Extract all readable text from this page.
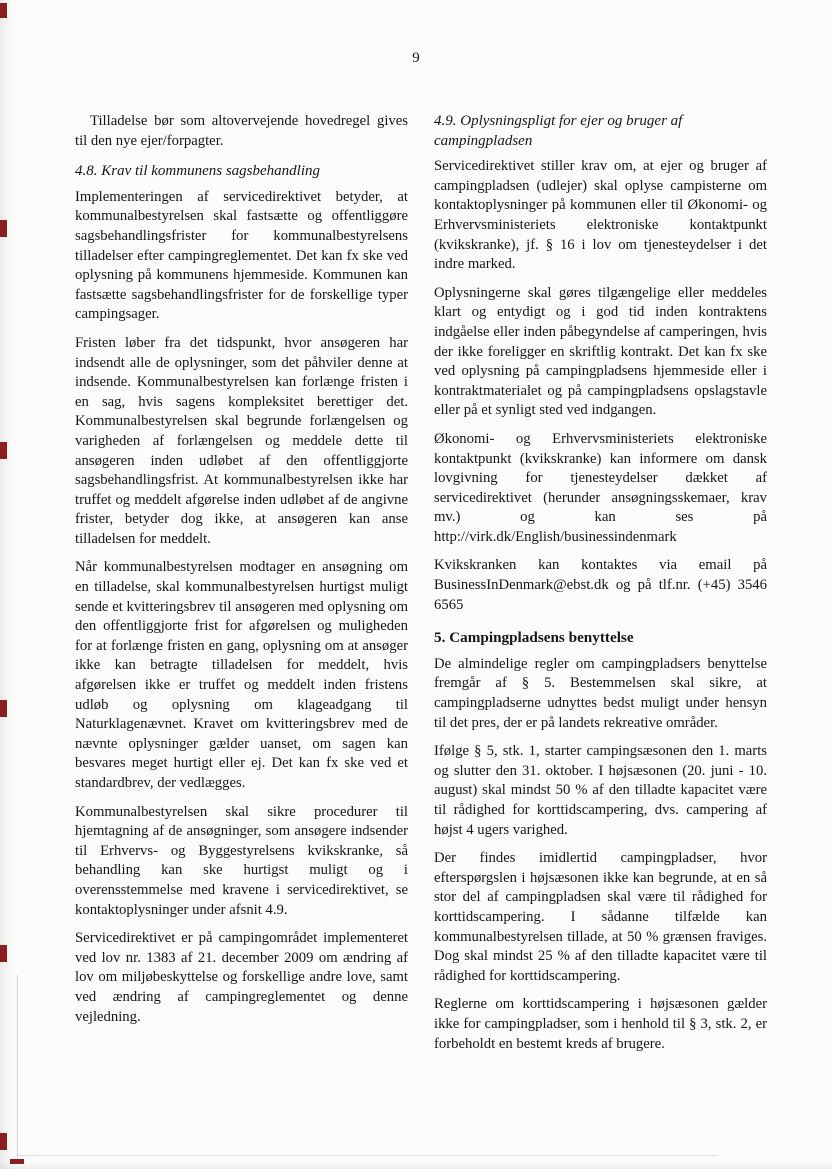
9

Tilladelse bør som altovervejende hovedregel gives til den nye ejer/forpagter.

4.8. Krav til kommunens sagsbehandling

Implementeringen af servicedirektivet betyder, at kommunalbestyrelsen skal fastsætte og offentliggøre sagsbehandlingsfrister for kommunalbestyrelsens tilladelser efter campingreglementet. Det kan fx ske ved oplysning på kommunens hjemmeside. Kommunen kan fastsætte sagsbehandlingsfrister for de forskellige typer campingsager.

Fristen løber fra det tidspunkt, hvor ansøgeren har indsendt alle de oplysninger, som det påhviler denne at indsende. Kommunalbestyrelsen kan forlænge fristen i en sag, hvis sagens kompleksitet berettiger det. Kommunalbestyrelsen skal begrunde forlængelsen og varigheden af forlængelsen og meddele dette til ansøgeren inden udløbet af den offentliggjorte sagsbehandlingsfrist. At kommunalbestyrelsen ikke har truffet og meddelt afgørelse inden udløbet af de angivne frister, betyder dog ikke, at ansøgeren kan anse tilladelsen for meddelt.

Når kommunalbestyrelsen modtager en ansøgning om en tilladelse, skal kommunalbestyrelsen hurtigst muligt sende et kvitteringsbrev til ansøgeren med oplysning om den offentliggjorte frist for afgørelsen og muligheden for at forlænge fristen en gang, oplysning om at ansøger ikke kan betragte tilladelsen for meddelt, hvis afgørelsen ikke er truffet og meddelt inden fristens udløb og oplysning om klageadgang til Naturklagenævnet. Kravet om kvitteringsbrev med de nævnte oplysninger gælder uanset, om sagen kan besvares meget hurtigt eller ej. Det kan fx ske ved et standardbrev, der vedlægges.

Kommunalbestyrelsen skal sikre procedurer til hjemtagning af de ansøgninger, som ansøgere indsender til Erhvervs- og Byggestyrelsens kvikskranke, så behandling kan ske hurtigst muligt og i overensstemmelse med kravene i servicedirektivet, se kontaktoplysninger under afsnit 4.9.

Servicedirektivet er på campingområdet implementeret ved lov nr. 1383 af 21. december 2009 om ændring af lov om miljøbeskyttelse og forskellige andre love, samt ved ændring af campingreglementet og denne vejledning.

4.9. Oplysningspligt for ejer og bruger af campingpladsen

Servicedirektivet stiller krav om, at ejer og bruger af campingpladsen (udlejer) skal oplyse campisterne om kontaktoplysninger på kommunen eller til Økonomi- og Erhvervsministeriets elektroniske kontaktpunkt (kvikskranke), jf. § 16 i lov om tjenesteydelser i det indre marked.

Oplysningerne skal gøres tilgængelige eller meddeles klart og entydigt og i god tid inden kontraktens indgåelse eller inden påbegyndelse af camperingen, hvis der ikke foreligger en skriftlig kontrakt. Det kan fx ske ved oplysning på campingpladsens hjemmeside eller i kontraktmaterialet og på campingpladsens opslagstavle eller på et synligt sted ved indgangen.

Økonomi- og Erhvervsministeriets elektroniske kontaktpunkt (kvikskranke) kan informere om dansk lovgivning for tjenesteydelser dækket af servicedirektivet (herunder ansøgningsskemaer, krav mv.) og kan ses på http://virk.dk/English/businessindenmark

Kvikskranken kan kontaktes via email på BusinessInDenmark@ebst.dk og på tlf.nr. (+45) 3546 6565

5. Campingpladsens benyttelse

De almindelige regler om campingpladsers benyttelse fremgår af § 5. Bestemmelsen skal sikre, at campingpladserne udnyttes bedst muligt under hensyn til det pres, der er på landets rekreative områder.

Ifølge § 5, stk. 1, starter campingsæsonen den 1. marts og slutter den 31. oktober. I højsæsonen (20. juni - 10. august) skal mindst 50 % af den tilladte kapacitet være til rådighed for korttidscampering, dvs. campering af højst 4 ugers varighed.

Der findes imidlertid campingpladser, hvor efterspørgslen i højsæsonen ikke kan begrunde, at en så stor del af campingpladsen skal være til rådighed for korttidscampering. I sådanne tilfælde kan kommunalbestyrelsen tillade, at 50 % grænsen fraviges. Dog skal mindst 25 % af den tilladte kapacitet være til rådighed for korttidscampering.

Reglerne om korttidscampering i højsæsonen gælder ikke for campingpladser, som i henhold til § 3, stk. 2, er forbeholdt en bestemt kreds af brugere.
